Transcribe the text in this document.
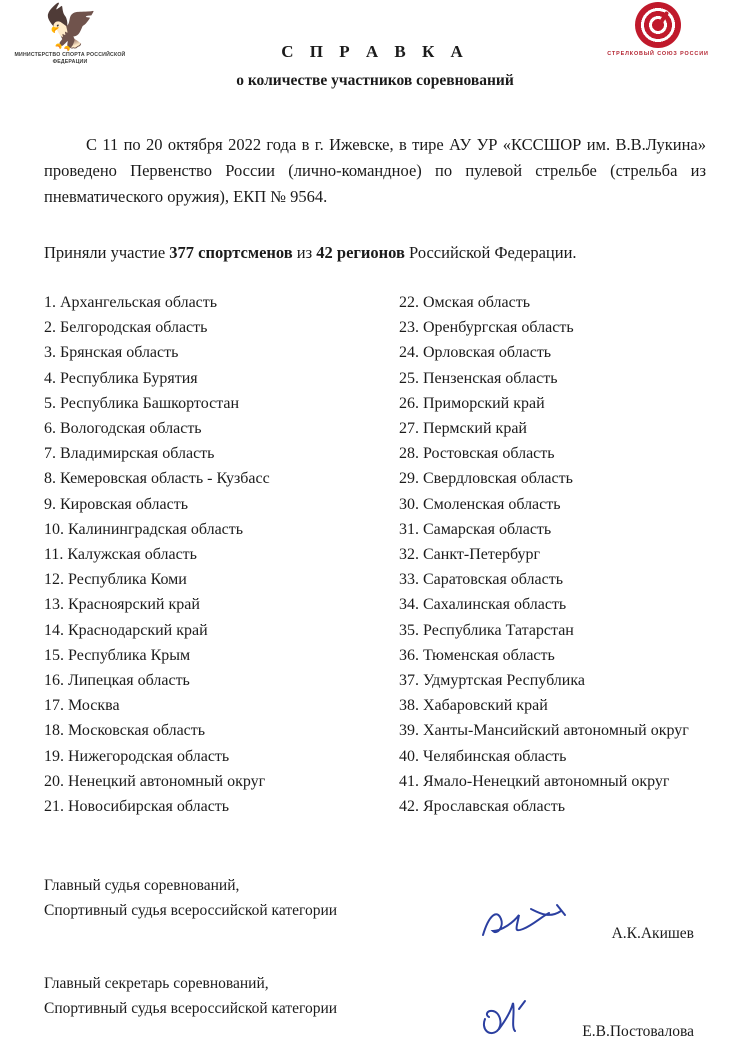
🦅
МИНИСТЕРСТВО СПОРТА РОССИЙСКОЙ ФЕДЕРАЦИИ
С П Р А В К А
о количестве участников соревнований
СТРЕЛКОВЫЙ СОЮЗ РОССИИ
С 11 по 20 октября 2022 года в г. Ижевске, в тире АУ УР «КССШОР им. В.В.Лукина» проведено Первенство России (лично-командное) по пулевой стрельбе (стрельба из пневматического оружия), ЕКП № 9564.
Приняли участие 377 спортсменов из 42 регионов Российской Федерации.
1. Архангельская область
2. Белгородская область
3. Брянская область
4. Республика Бурятия
5. Республика Башкортостан
6. Вологодская область
7. Владимирская область
8. Кемеровская область - Кузбасс
9. Кировская область
10. Калининградская область
11. Калужская область
12. Республика Коми
13. Красноярский край
14. Краснодарский край
15. Республика Крым
16. Липецкая область
17. Москва
18. Московская область
19. Нижегородская область
20. Ненецкий автономный округ
21. Новосибирская область
22. Омская область
23. Оренбургская область
24. Орловская область
25. Пензенская область
26. Приморский край
27. Пермский край
28. Ростовская область
29. Свердловская область
30. Смоленская область
31. Самарская область
32. Санкт-Петербург
33. Саратовская область
34. Сахалинская область
35. Республика Татарстан
36. Тюменская область
37. Удмуртская Республика
38. Хабаровский край
39. Ханты-Мансийский автономный округ
40. Челябинская область
41. Ямало-Ненецкий автономный округ
42. Ярославская область
Главный судья соревнований,
Спортивный судья всероссийской категории
А.К.Акишев
Главный секретарь соревнований,
Спортивный судья всероссийской категории
Е.В.Постовалова
